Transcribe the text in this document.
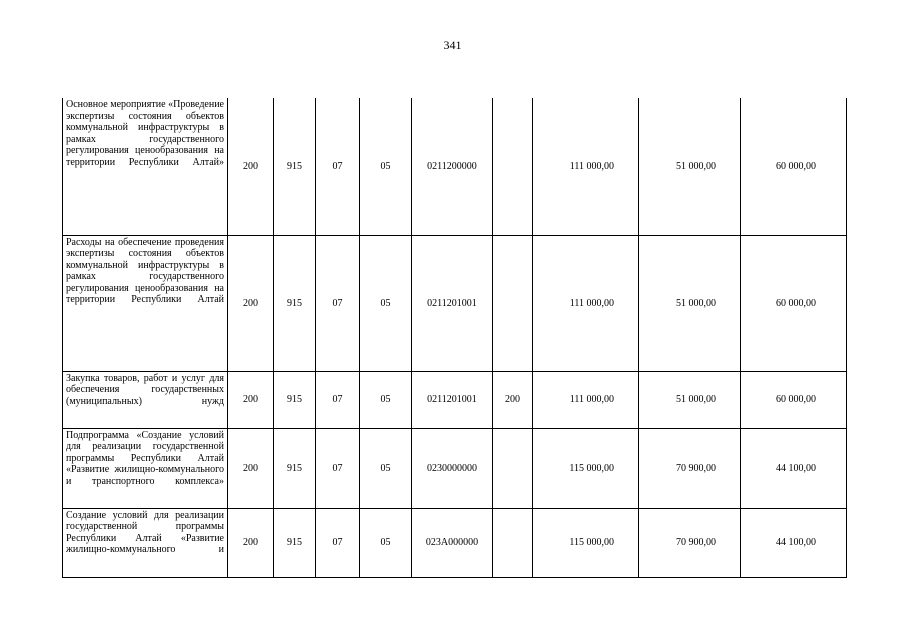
341
Основное мероприятие «Проведение экспертизы состояния объектов коммунальной инфраструктуры в рамках государственного регулирования ценообразования на территории Республики Алтай»	200	915	07	05	0211200000		111 000,00	51 000,00	60 000,00
Расходы на обеспечение проведения экспертизы состояния объектов коммунальной инфраструктуры в рамках государственного регулирования ценообразования на территории Республики Алтай	200	915	07	05	0211201001		111 000,00	51 000,00	60 000,00
Закупка товаров, работ и услуг для обеспечения государственных (муниципальных) нужд	200	915	07	05	0211201001	200	111 000,00	51 000,00	60 000,00
Подпрограмма «Создание условий для реализации государственной программы Республики Алтай «Развитие жилищно-коммунального и транспортного комплекса»	200	915	07	05	0230000000		115 000,00	70 900,00	44 100,00
Создание условий для реализации государственной программы Республики Алтай «Развитие жилищно-коммунального и	200	915	07	05	023A000000		115 000,00	70 900,00	44 100,00
